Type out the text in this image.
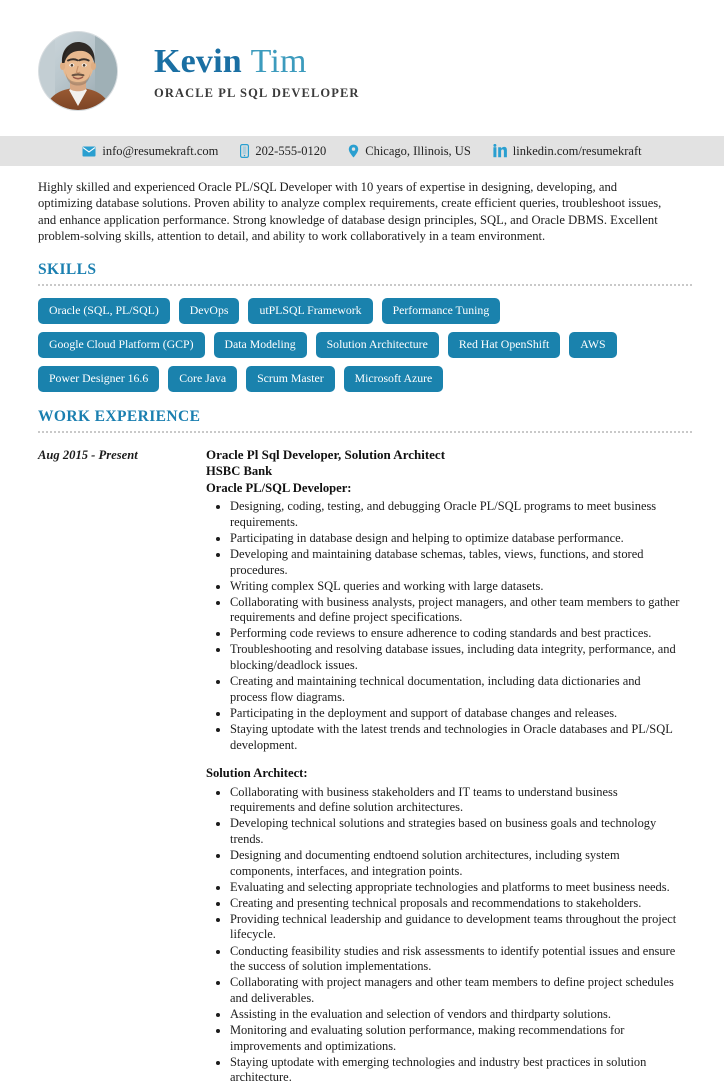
Kevin Tim
ORACLE PL SQL DEVELOPER
info@resumekraft.com	202-555-0120	Chicago, Illinois, US	linkedin.com/resumekraft
Highly skilled and experienced Oracle PL/SQL Developer with 10 years of expertise in designing, developing, and optimizing database solutions. Proven ability to analyze complex requirements, create efficient queries, troubleshoot issues, and enhance application performance. Strong knowledge of database design principles, SQL, and Oracle DBMS. Excellent problem-solving skills, attention to detail, and ability to work collaboratively in a team environment.
SKILLS
Oracle (SQL, PL/SQL)	DevOps	utPLSQL Framework	Performance Tuning
Google Cloud Platform (GCP)	Data Modeling	Solution Architecture	Red Hat OpenShift	AWS
Power Designer 16.6	Core Java	Scrum Master	Microsoft Azure
WORK EXPERIENCE
Aug 2015 - Present	Oracle Pl Sql Developer, Solution Architect
HSBC Bank
Oracle PL/SQL Developer:
Designing, coding, testing, and debugging Oracle PL/SQL programs to meet business requirements.
Participating in database design and helping to optimize database performance.
Developing and maintaining database schemas, tables, views, functions, and stored procedures.
Writing complex SQL queries and working with large datasets.
Collaborating with business analysts, project managers, and other team members to gather requirements and define project specifications.
Performing code reviews to ensure adherence to coding standards and best practices.
Troubleshooting and resolving database issues, including data integrity, performance, and blocking/deadlock issues.
Creating and maintaining technical documentation, including data dictionaries and process flow diagrams.
Participating in the deployment and support of database changes and releases.
Staying uptodate with the latest trends and technologies in Oracle databases and PL/SQL development.
Solution Architect:
Collaborating with business stakeholders and IT teams to understand business requirements and define solution architectures.
Developing technical solutions and strategies based on business goals and technology trends.
Designing and documenting endtoend solution architectures, including system components, interfaces, and integration points.
Evaluating and selecting appropriate technologies and platforms to meet business needs.
Creating and presenting technical proposals and recommendations to stakeholders.
Providing technical leadership and guidance to development teams throughout the project lifecycle.
Conducting feasibility studies and risk assessments to identify potential issues and ensure the success of solution implementations.
Collaborating with project managers and other team members to define project schedules and deliverables.
Assisting in the evaluation and selection of vendors and thirdparty solutions.
Monitoring and evaluating solution performance, making recommendations for improvements and optimizations.
Staying uptodate with emerging technologies and industry best practices in solution architecture.
